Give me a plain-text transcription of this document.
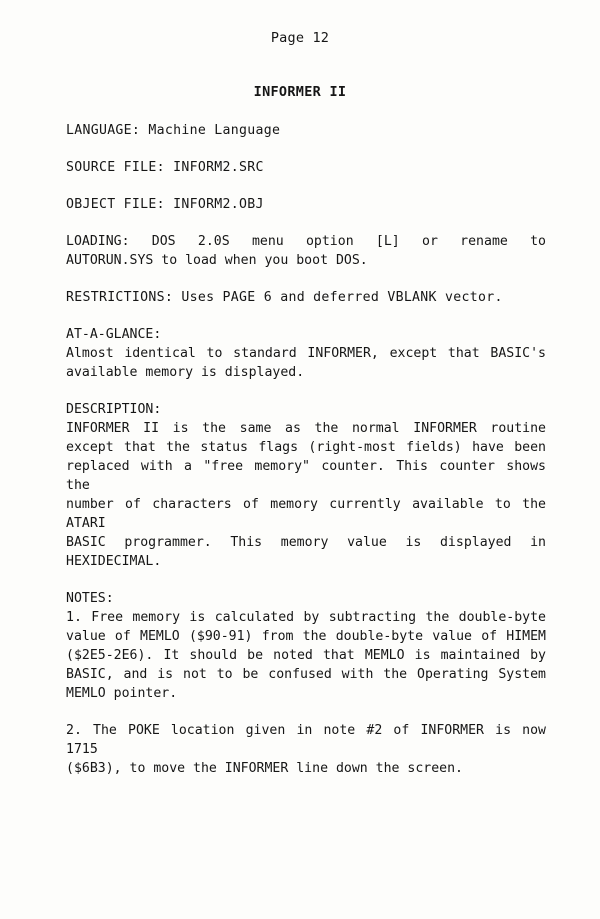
Page 12
INFORMER II

LANGUAGE: Machine Language

SOURCE FILE: INFORM2.SRC

OBJECT FILE: INFORM2.OBJ

LOADING: DOS 2.0S menu option [L] or rename to
AUTORUN.SYS to load when you boot DOS.

RESTRICTIONS: Uses PAGE 6 and deferred VBLANK vector.

AT-A-GLANCE:
Almost identical to standard INFORMER, except that BASIC's
available memory is displayed.

DESCRIPTION:
INFORMER II is the same as the normal INFORMER routine
except that the status flags (right-most fields) have been
replaced with a "free memory" counter. This counter shows the
number of characters of memory currently available to the ATARI
BASIC programmer. This memory value is displayed in
HEXIDECIMAL.

NOTES:
1. Free memory is calculated by subtracting the double-byte
value of MEMLO ($90-91) from the double-byte value of HIMEM
($2E5-2E6). It should be noted that MEMLO is maintained by
BASIC, and is not to be confused with the Operating System
MEMLO pointer.

2. The POKE location given in note #2 of INFORMER is now 1715
($6B3), to move the INFORMER line down the screen.
